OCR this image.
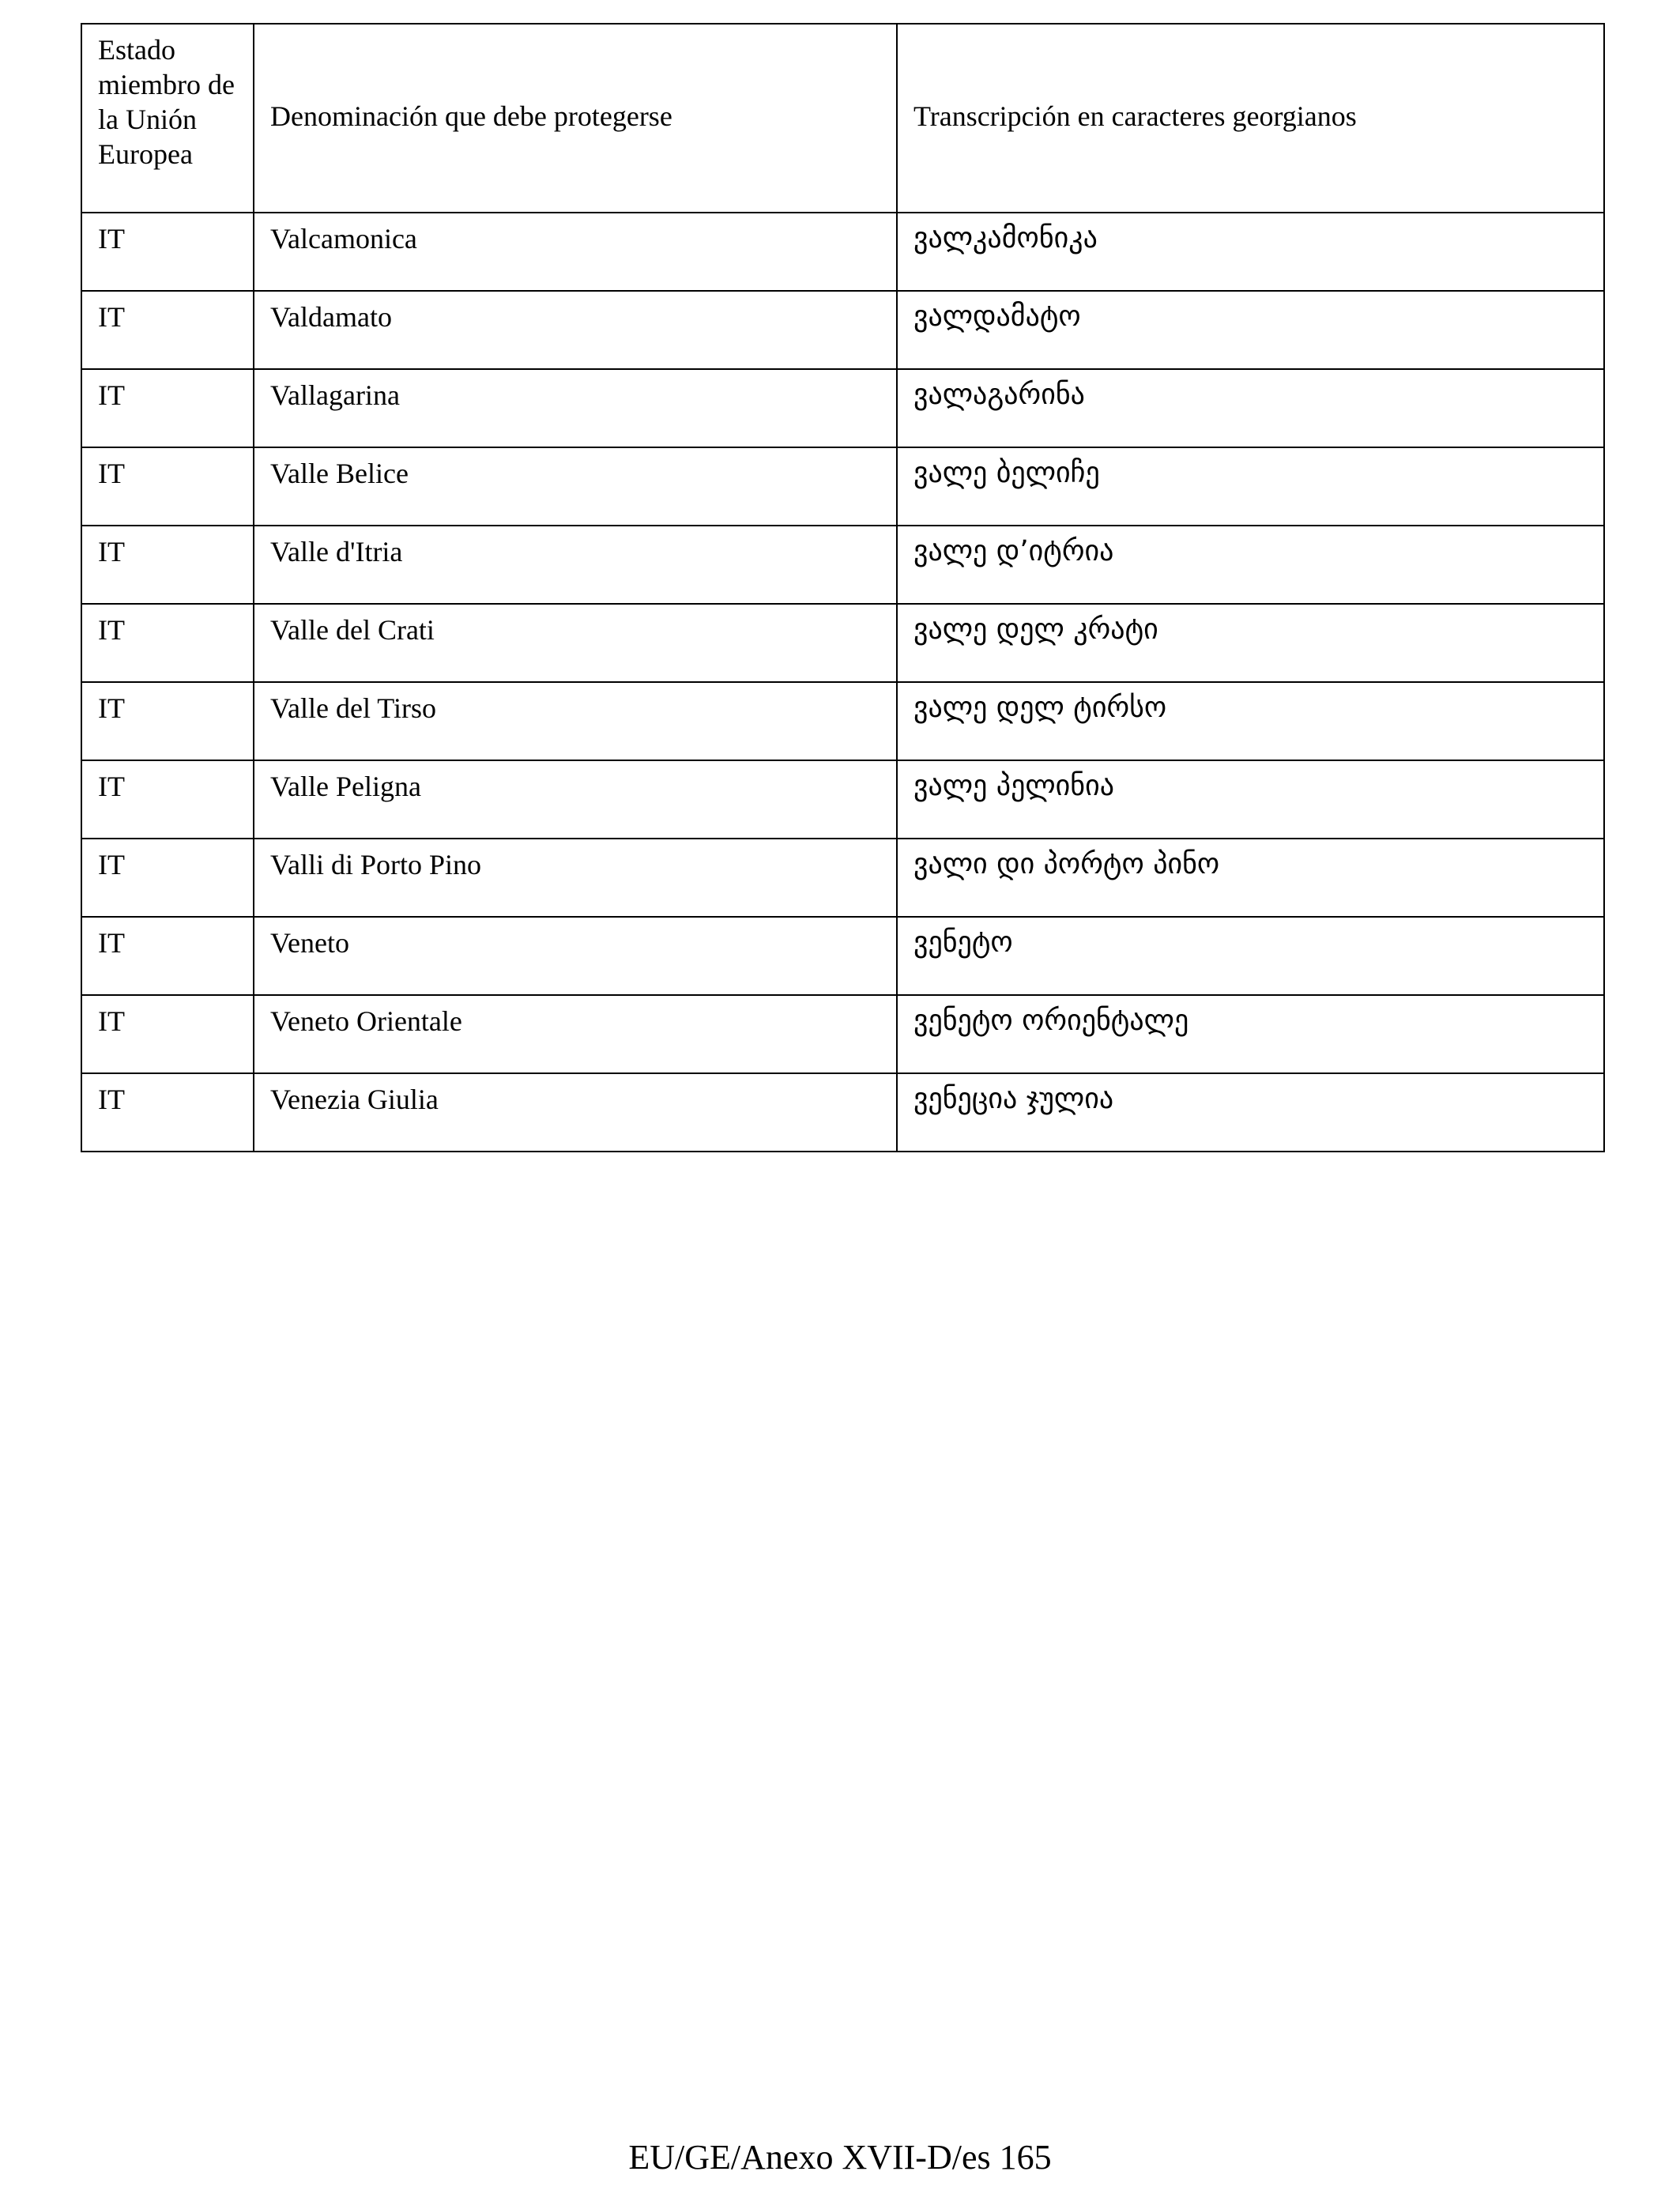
Estado miembro de la Unión Europea	Denominación que debe protegerse	Transcripción en caracteres georgianos
IT	Valcamonica	ვალკამონიკა
IT	Valdamato	ვალდამატო
IT	Vallagarina	ვალაგარინა
IT	Valle Belice	ვალე ბელიჩე
IT	Valle d'Itria	ვალე დ’იტრია
IT	Valle del Crati	ვალე დელ კრატი
IT	Valle del Tirso	ვალე დელ ტირსო
IT	Valle Peligna	ვალე პელინია
IT	Valli di Porto Pino	ვალი დი პორტო პინო
IT	Veneto	ვენეტო
IT	Veneto Orientale	ვენეტო ორიენტალე
IT	Venezia Giulia	ვენეცია ჯულია
EU/GE/Anexo XVII-D/es 165
